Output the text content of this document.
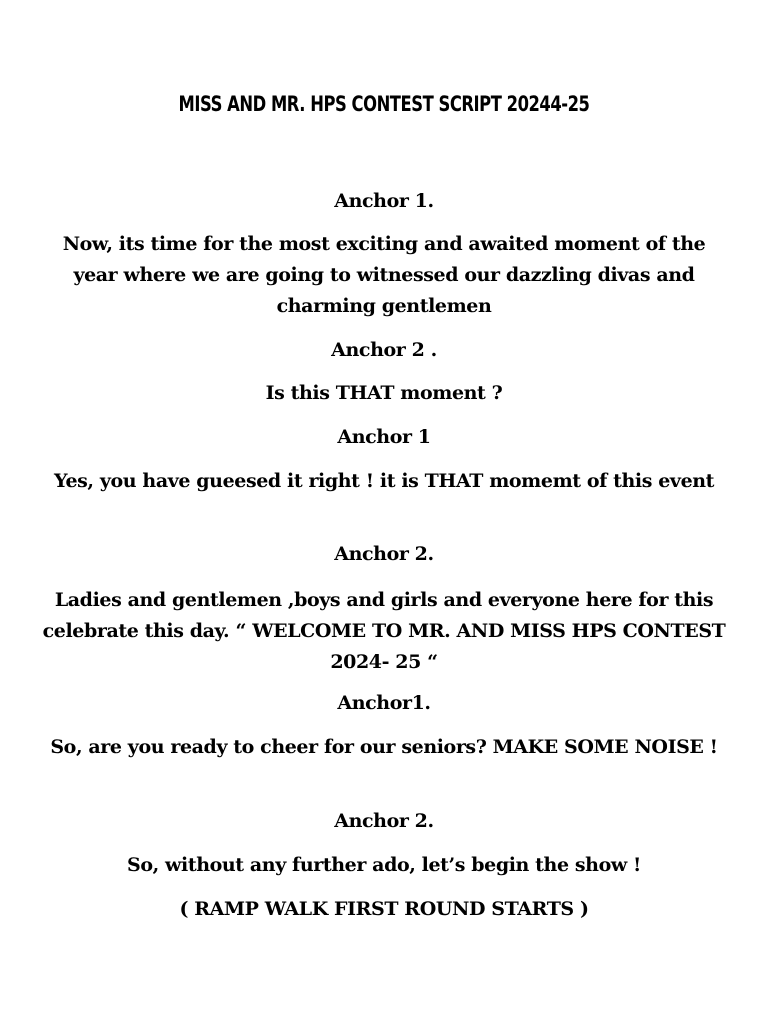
MISS AND MR. HPS CONTEST SCRIPT 20244-25
Anchor 1.
Now, its time for the most exciting and awaited moment of the year where we are going to witnessed our dazzling divas and charming gentlemen
Anchor 2 .
Is this THAT moment ?
Anchor 1
Yes, you have gueesed it right ! it is THAT momemt of this event
Anchor 2.
Ladies and gentlemen ,boys and girls and everyone here for this celebrate this day. “ WELCOME TO MR. AND MISS HPS CONTEST 2024- 25 “
Anchor1.
So, are you ready to cheer for our seniors? MAKE SOME NOISE !
Anchor 2.
So, without any further ado, let’s begin the show !
( RAMP WALK FIRST ROUND STARTS )
